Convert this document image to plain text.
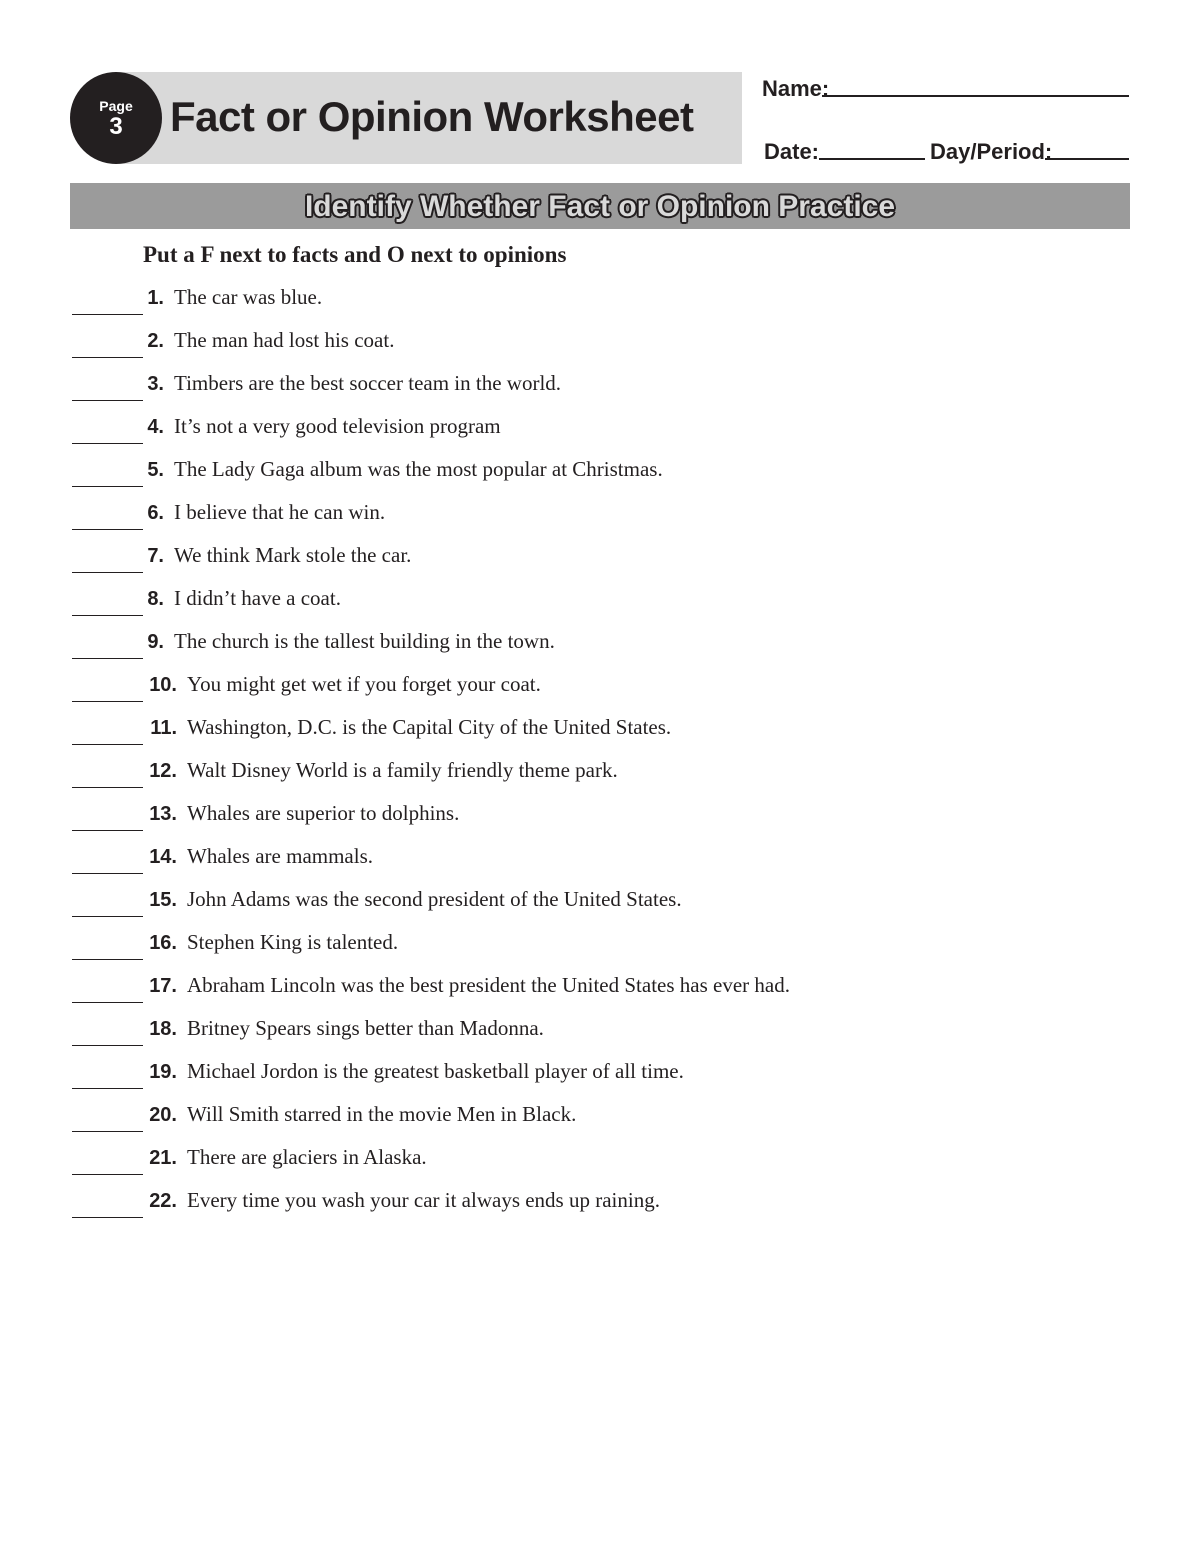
Page
3	Fact or Opinion Worksheet
Name:
Date:	Day/Period:
Identify Whether Fact or Opinion Practice

Put a F next to facts and O next to opinions

1. The car was blue.
2. The man had lost his coat.
3. Timbers are the best soccer team in the world.
4. It’s not a very good television program
5. The Lady Gaga album was the most popular at Christmas.
6. I believe that he can win.
7. We think Mark stole the car.
8. I didn’t have a coat.
9. The church is the tallest building in the town.
10. You might get wet if you forget your coat.
11. Washington, D.C. is the Capital City of the United States.
12. Walt Disney World is a family friendly theme park.
13. Whales are superior to dolphins.
14. Whales are mammals.
15. John Adams was the second president of the United States.
16. Stephen King is talented.
17. Abraham Lincoln was the best president the United States has ever had.
18. Britney Spears sings better than Madonna.
19. Michael Jordon is the greatest basketball player of all time.
20. Will Smith starred in the movie Men in Black.
21. There are glaciers in Alaska.
22. Every time you wash your car it always ends up raining.
